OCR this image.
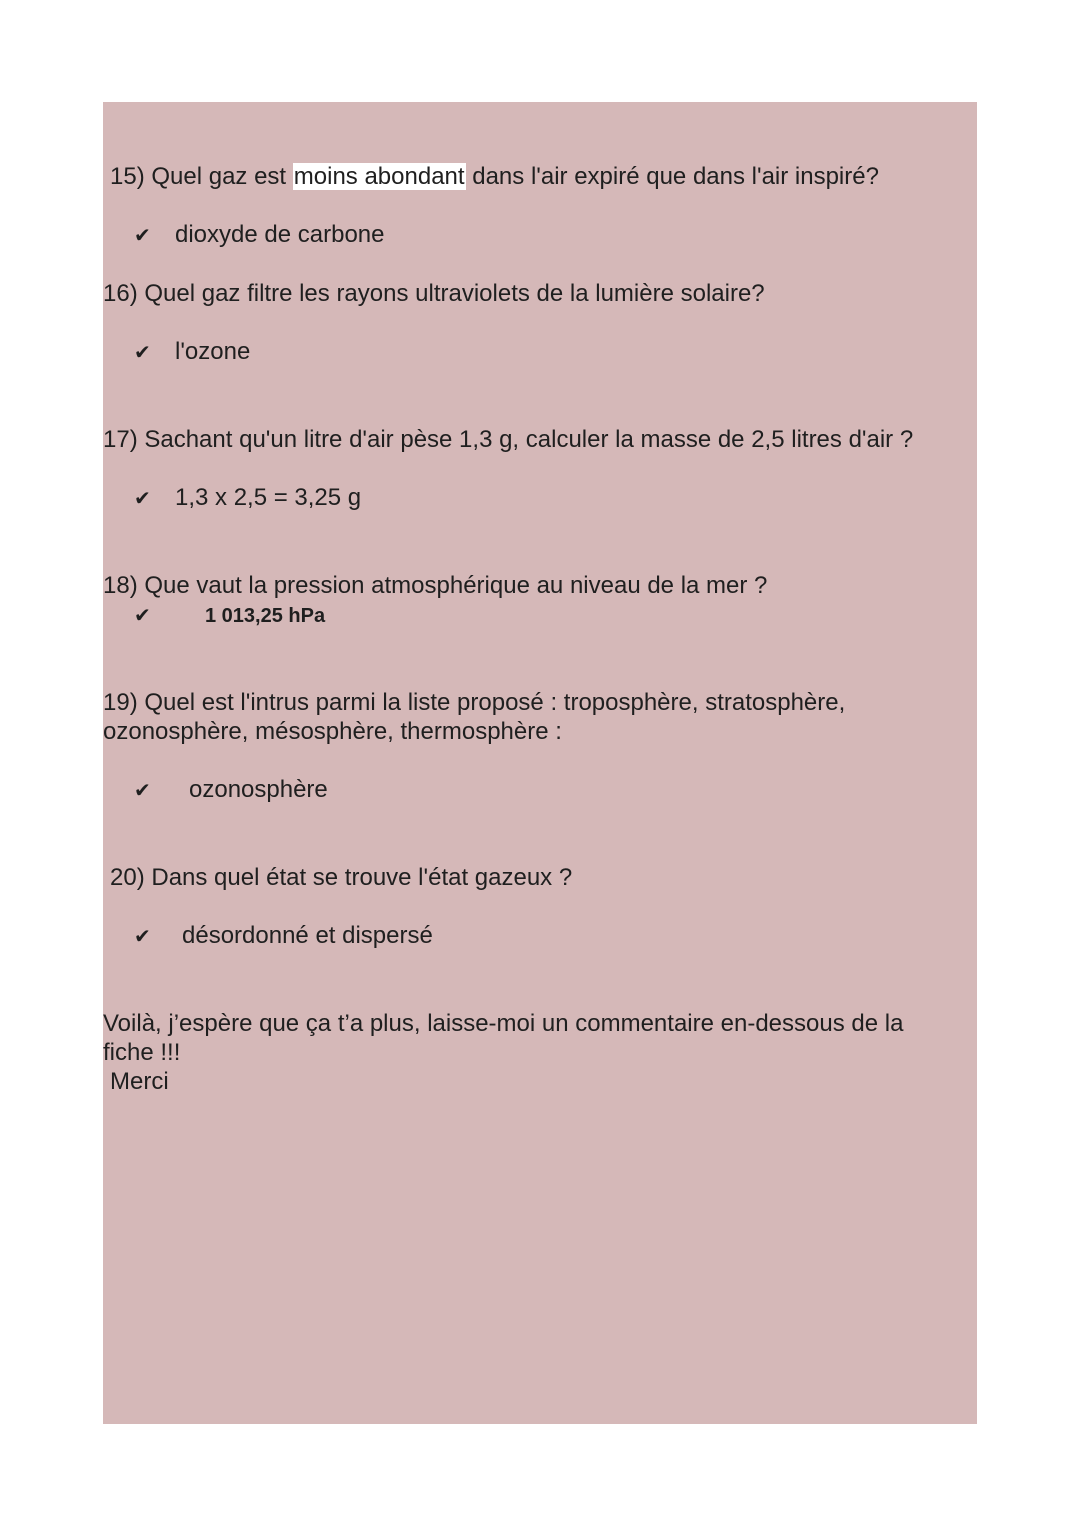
15) Quel gaz est moins abondant dans l'air expiré que dans l'air inspiré?

✔ dioxyde de carbone

16) Quel gaz filtre les rayons ultraviolets de la lumière solaire?

✔ l'ozone

17) Sachant qu'un litre d'air pèse 1,3 g, calculer la masse de 2,5 litres d'air ?

✔ 1,3 x 2,5 = 3,25 g

18) Que vaut la pression atmosphérique au niveau de la mer ?

✔	1 013,25 hPa

19) Quel est l'intrus parmi la liste proposé : troposphère, stratosphère,

ozonosphère, mésosphère, thermosphère :

✔ ozonosphère

20) Dans quel état se trouve l'état gazeux ?

✔ désordonné et dispersé

Voilà, j’espère que ça t’a plus, laisse-moi un commentaire en-dessous de la

fiche !!!

Merci
